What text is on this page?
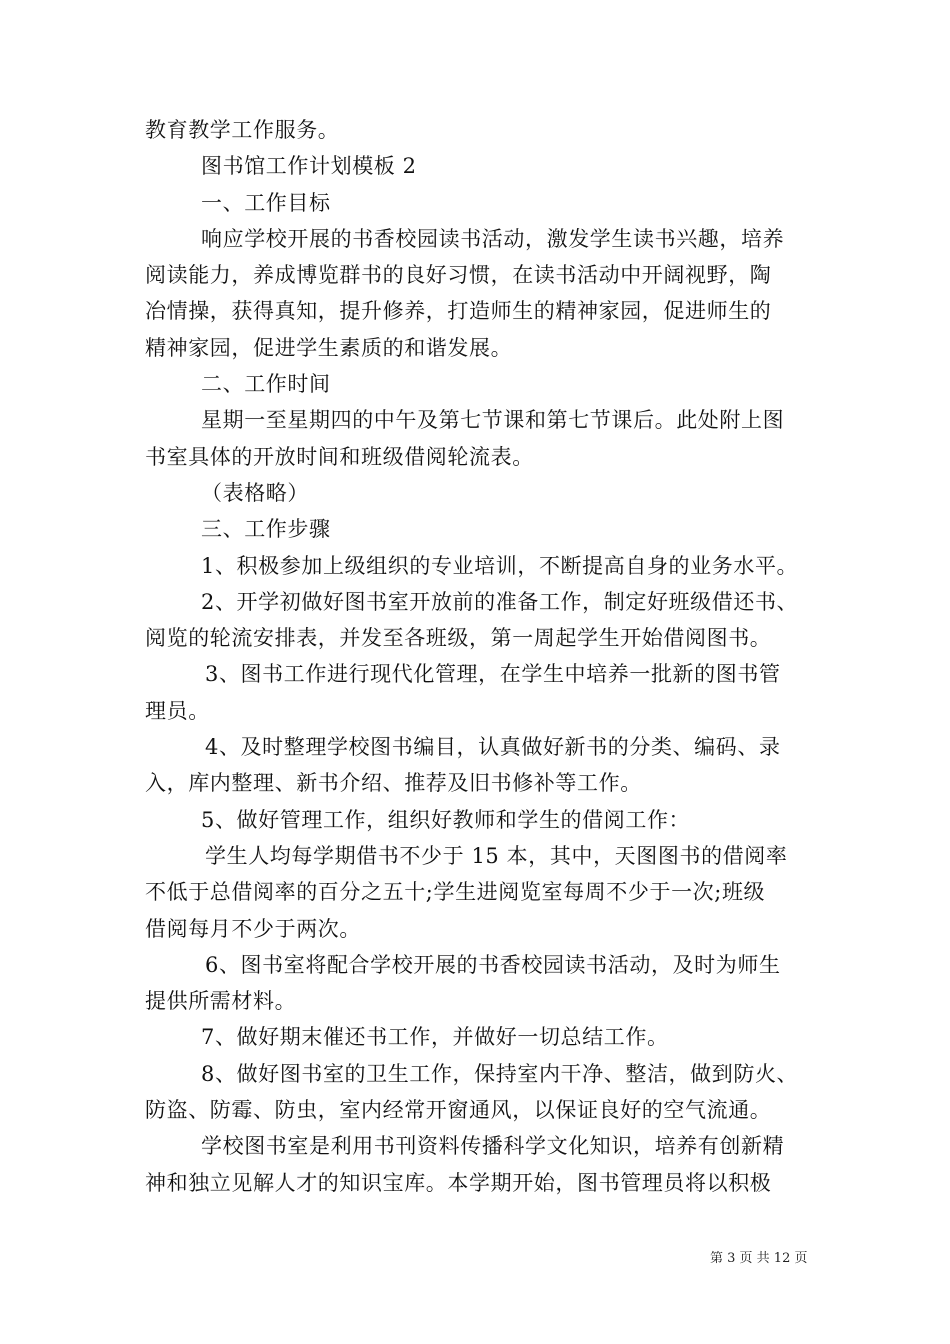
教育教学工作服务。
图书馆工作计划模板 2
一、工作目标
响应学校开展的书香校园读书活动，激发学生读书兴趣，培养
阅读能力，养成博览群书的良好习惯，在读书活动中开阔视野，陶
冶情操，获得真知，提升修养，打造师生的精神家园，促进师生的
精神家园，促进学生素质的和谐发展。
二、工作时间
星期一至星期四的中午及第七节课和第七节课后。此处附上图
书室具体的开放时间和班级借阅轮流表。
（表格略）
三、工作步骤
1、积极参加上级组织的专业培训，不断提高自身的业务水平。
2、开学初做好图书室开放前的准备工作，制定好班级借还书、
阅览的轮流安排表，并发至各班级，第一周起学生开始借阅图书。
3、图书工作进行现代化管理，在学生中培养一批新的图书管
理员。
4、及时整理学校图书编目，认真做好新书的分类、编码、录
入，库内整理、新书介绍、推荐及旧书修补等工作。
5、做好管理工作，组织好教师和学生的借阅工作：
学生人均每学期借书不少于 15 本，其中，天图图书的借阅率
不低于总借阅率的百分之五十;学生进阅览室每周不少于一次;班级
借阅每月不少于两次。
6、图书室将配合学校开展的书香校园读书活动，及时为师生
提供所需材料。
7、做好期末催还书工作，并做好一切总结工作。
8、做好图书室的卫生工作，保持室内干净、整洁，做到防火、
防盗、防霉、防虫，室内经常开窗通风，以保证良好的空气流通。
学校图书室是利用书刊资料传播科学文化知识，培养有创新精
神和独立见解人才的知识宝库。本学期开始，图书管理员将以积极
第 3 页 共 12 页
